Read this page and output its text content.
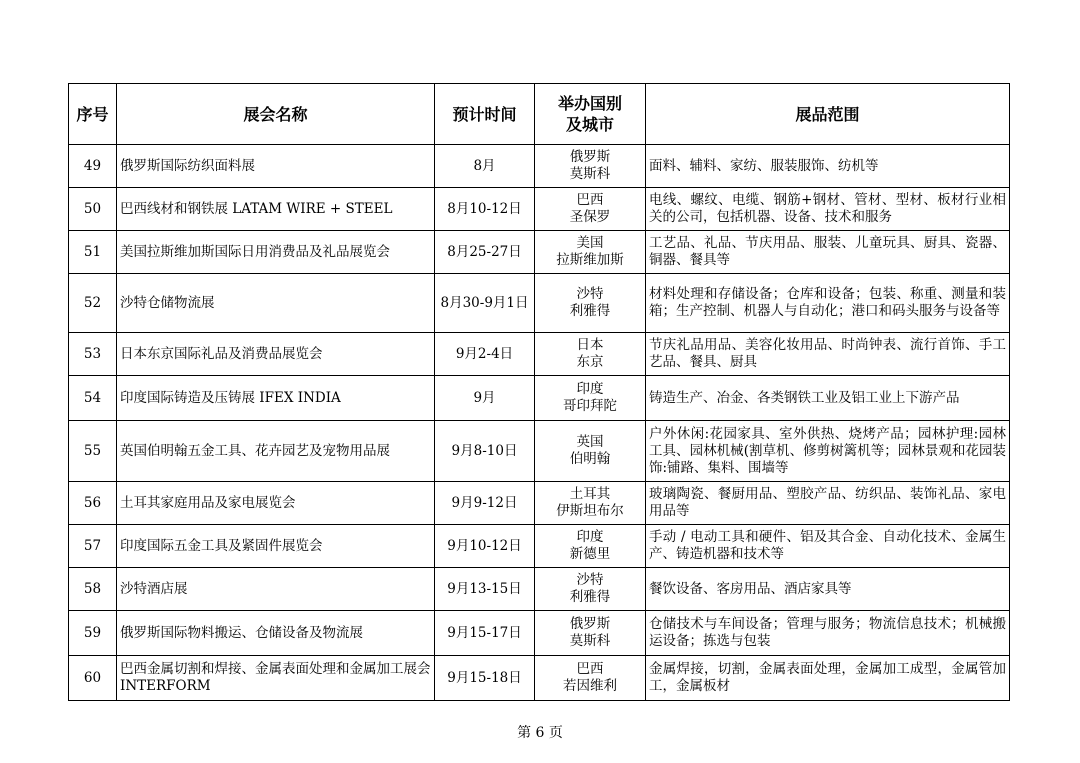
序号	展会名称	预计时间	举办国别
及城市	展品范围
49	俄罗斯国际纺织面料展	8月	俄罗斯
莫斯科	面料、辅料、家纺、服装服饰、纺机等
50	巴西线材和钢铁展 LATAM WIRE + STEEL	8月10-12日	巴西
圣保罗	电线、螺纹、电缆、钢筋+钢材、管材、型材、板材行业相关的公司，包括机器、设备、技术和服务
51	美国拉斯维加斯国际日用消费品及礼品展览会	8月25-27日	美国
拉斯维加斯	工艺品、礼品、节庆用品、服装、儿童玩具、厨具、瓷器、铜器、餐具等
52	沙特仓储物流展	8月30-9月1日	沙特
利雅得	材料处理和存储设备；仓库和设备；包装、称重、测量和装箱；生产控制、机器人与自动化；港口和码头服务与设备等
53	日本东京国际礼品及消费品展览会	9月2-4日	日本
东京	节庆礼品用品、美容化妆用品、时尚钟表、流行首饰、手工艺品、餐具、厨具
54	印度国际铸造及压铸展 IFEX INDIA	9月	印度
哥印拜陀	铸造生产、冶金、各类钢铁工业及铝工业上下游产品
55	英国伯明翰五金工具、花卉园艺及宠物用品展	9月8-10日	英国
伯明翰	户外休闲:花园家具、室外供热、烧烤产品；园林护理:园林工具、园林机械(割草机、修剪树篱机等；园林景观和花园装饰:铺路、集料、围墙等
56	土耳其家庭用品及家电展览会	9月9-12日	土耳其
伊斯坦布尔	玻璃陶瓷、餐厨用品、塑胶产品、纺织品、装饰礼品、家电用品等
57	印度国际五金工具及紧固件展览会	9月10-12日	印度
新德里	手动 / 电动工具和硬件、铝及其合金、自动化技术、金属生产、铸造机器和技术等
58	沙特酒店展	9月13-15日	沙特
利雅得	餐饮设备、客房用品、酒店家具等
59	俄罗斯国际物料搬运、仓储设备及物流展	9月15-17日	俄罗斯
莫斯科	仓储技术与车间设备；管理与服务；物流信息技术；机械搬运设备；拣选与包装
60	巴西金属切割和焊接、金属表面处理和金属加工展会 INTERFORM	9月15-18日	巴西
若因维利	金属焊接，切割，金属表面处理，金属加工成型，金属管加工，金属板材
第 6 页
